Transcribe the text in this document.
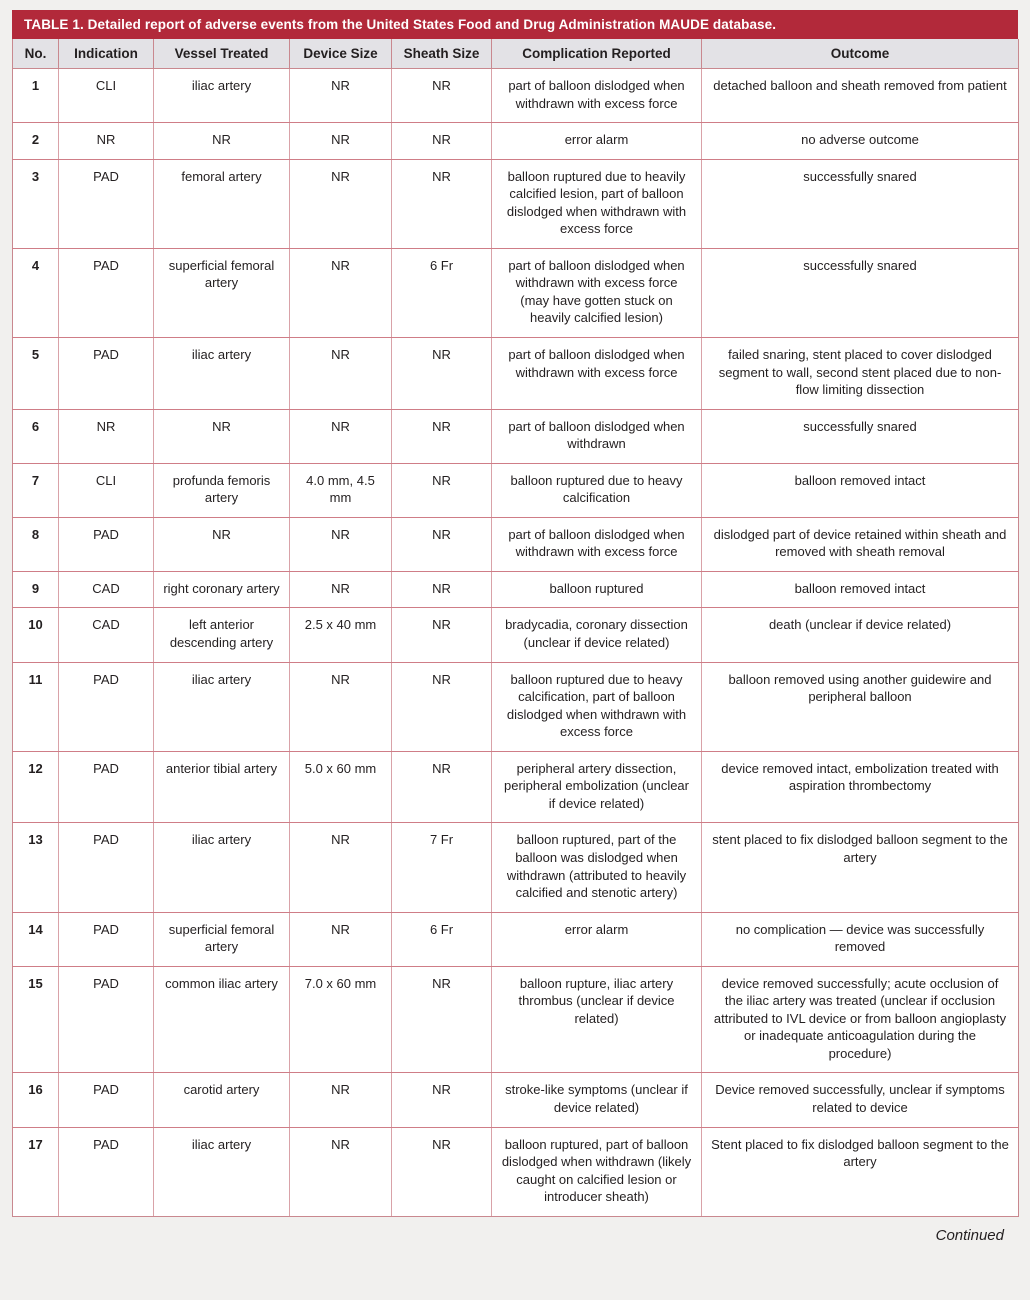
TABLE 1. Detailed report of adverse events from the United States Food and Drug Administration MAUDE database.
No.	Indication	Vessel Treated	Device Size	Sheath Size	Complication Reported	Outcome
1	CLI	iliac artery	NR	NR	part of balloon dislodged when withdrawn with excess force	detached balloon and sheath removed from patient
2	NR	NR	NR	NR	error alarm	no adverse outcome
3	PAD	femoral artery	NR	NR	balloon ruptured due to heavily calcified lesion, part of balloon dislodged when withdrawn with excess force	successfully snared
4	PAD	superficial femoral artery	NR	6 Fr	part of balloon dislodged when withdrawn with excess force (may have gotten stuck on heavily calcified lesion)	successfully snared
5	PAD	iliac artery	NR	NR	part of balloon dislodged when withdrawn with excess force	failed snaring, stent placed to cover dislodged segment to wall, second stent placed due to non-flow limiting dissection
6	NR	NR	NR	NR	part of balloon dislodged when withdrawn	successfully snared
7	CLI	profunda femoris artery	4.0 mm, 4.5 mm	NR	balloon ruptured due to heavy calcification	balloon removed intact
8	PAD	NR	NR	NR	part of balloon dislodged when withdrawn with excess force	dislodged part of device retained within sheath and removed with sheath removal
9	CAD	right coronary artery	NR	NR	balloon ruptured	balloon removed intact
10	CAD	left anterior descending artery	2.5 x 40 mm	NR	bradycadia, coronary dissection (unclear if device related)	death (unclear if device related)
11	PAD	iliac artery	NR	NR	balloon ruptured due to heavy calcification, part of balloon dislodged when withdrawn with excess force	balloon removed using another guidewire and peripheral balloon
12	PAD	anterior tibial artery	5.0 x 60 mm	NR	peripheral artery dissection, peripheral embolization (unclear if device related)	device removed intact, embolization treated with aspiration thrombectomy
13	PAD	iliac artery	NR	7 Fr	balloon ruptured, part of the balloon was dislodged when withdrawn (attributed to heavily calcified and stenotic artery)	stent placed to fix dislodged balloon segment to the artery
14	PAD	superficial femoral artery	NR	6 Fr	error alarm	no complication — device was successfully removed
15	PAD	common iliac artery	7.0 x 60 mm	NR	balloon rupture, iliac artery thrombus (unclear if device related)	device removed successfully; acute occlusion of the iliac artery was treated (unclear if occlusion attributed to IVL device or from balloon angioplasty or inadequate anticoagulation during the procedure)
16	PAD	carotid artery	NR	NR	stroke-like symptoms (unclear if device related)	Device removed successfully, unclear if symptoms related to device
17	PAD	iliac artery	NR	NR	balloon ruptured, part of balloon dislodged when withdrawn (likely caught on calcified lesion or introducer sheath)	Stent placed to fix dislodged balloon segment to the artery
Continued
